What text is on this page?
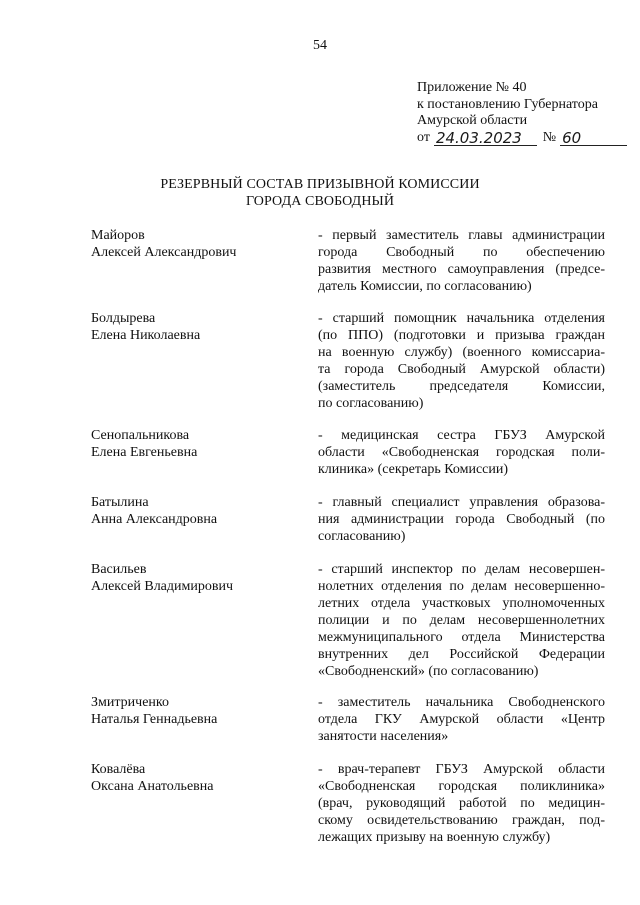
54
Приложение № 40
к постановлению Губернатора
Амурской области
от 24.03.2023	№ 60
РЕЗЕРВНЫЙ СОСТАВ ПРИЗЫВНОЙ КОМИССИИ
ГОРОДА СВОБОДНЫЙ
Майоров
Алексей Александрович
- первый заместитель главы администрации
города Свободный по обеспечению
развития местного самоуправления (предсе-
датель Комиссии, по согласованию)
Болдырева
Елена Николаевна
- старший помощник начальника отделения
(по ППО) (подготовки и призыва граждан
на военную службу) (военного комиссариа-
та города Свободный Амурской области)
(заместитель председателя Комиссии,
по согласованию)
Сенопальникова
Елена Евгеньевна
- медицинская сестра ГБУЗ Амурской
области «Свободненская городская поли-
клиника» (секретарь Комиссии)
Батылина
Анна Александровна
- главный специалист управления образова-
ния администрации города Свободный (по
согласованию)
Васильев
Алексей Владимирович
- старший инспектор по делам несовершен-
нолетних отделения по делам несовершенно-
летних отдела участковых уполномоченных
полиции и по делам несовершеннолетних
межмуниципального отдела Министерства
внутренних дел Российской Федерации
«Свободненский» (по согласованию)
Змитриченко
Наталья Геннадьевна
- заместитель начальника Свободненского
отдела ГКУ Амурской области «Центр
занятости населения»
Ковалёва
Оксана Анатольевна
- врач-терапевт ГБУЗ Амурской области
«Свободненская городская поликлиника»
(врач, руководящий работой по медицин-
скому освидетельствованию граждан, под-
лежащих призыву на военную службу)
